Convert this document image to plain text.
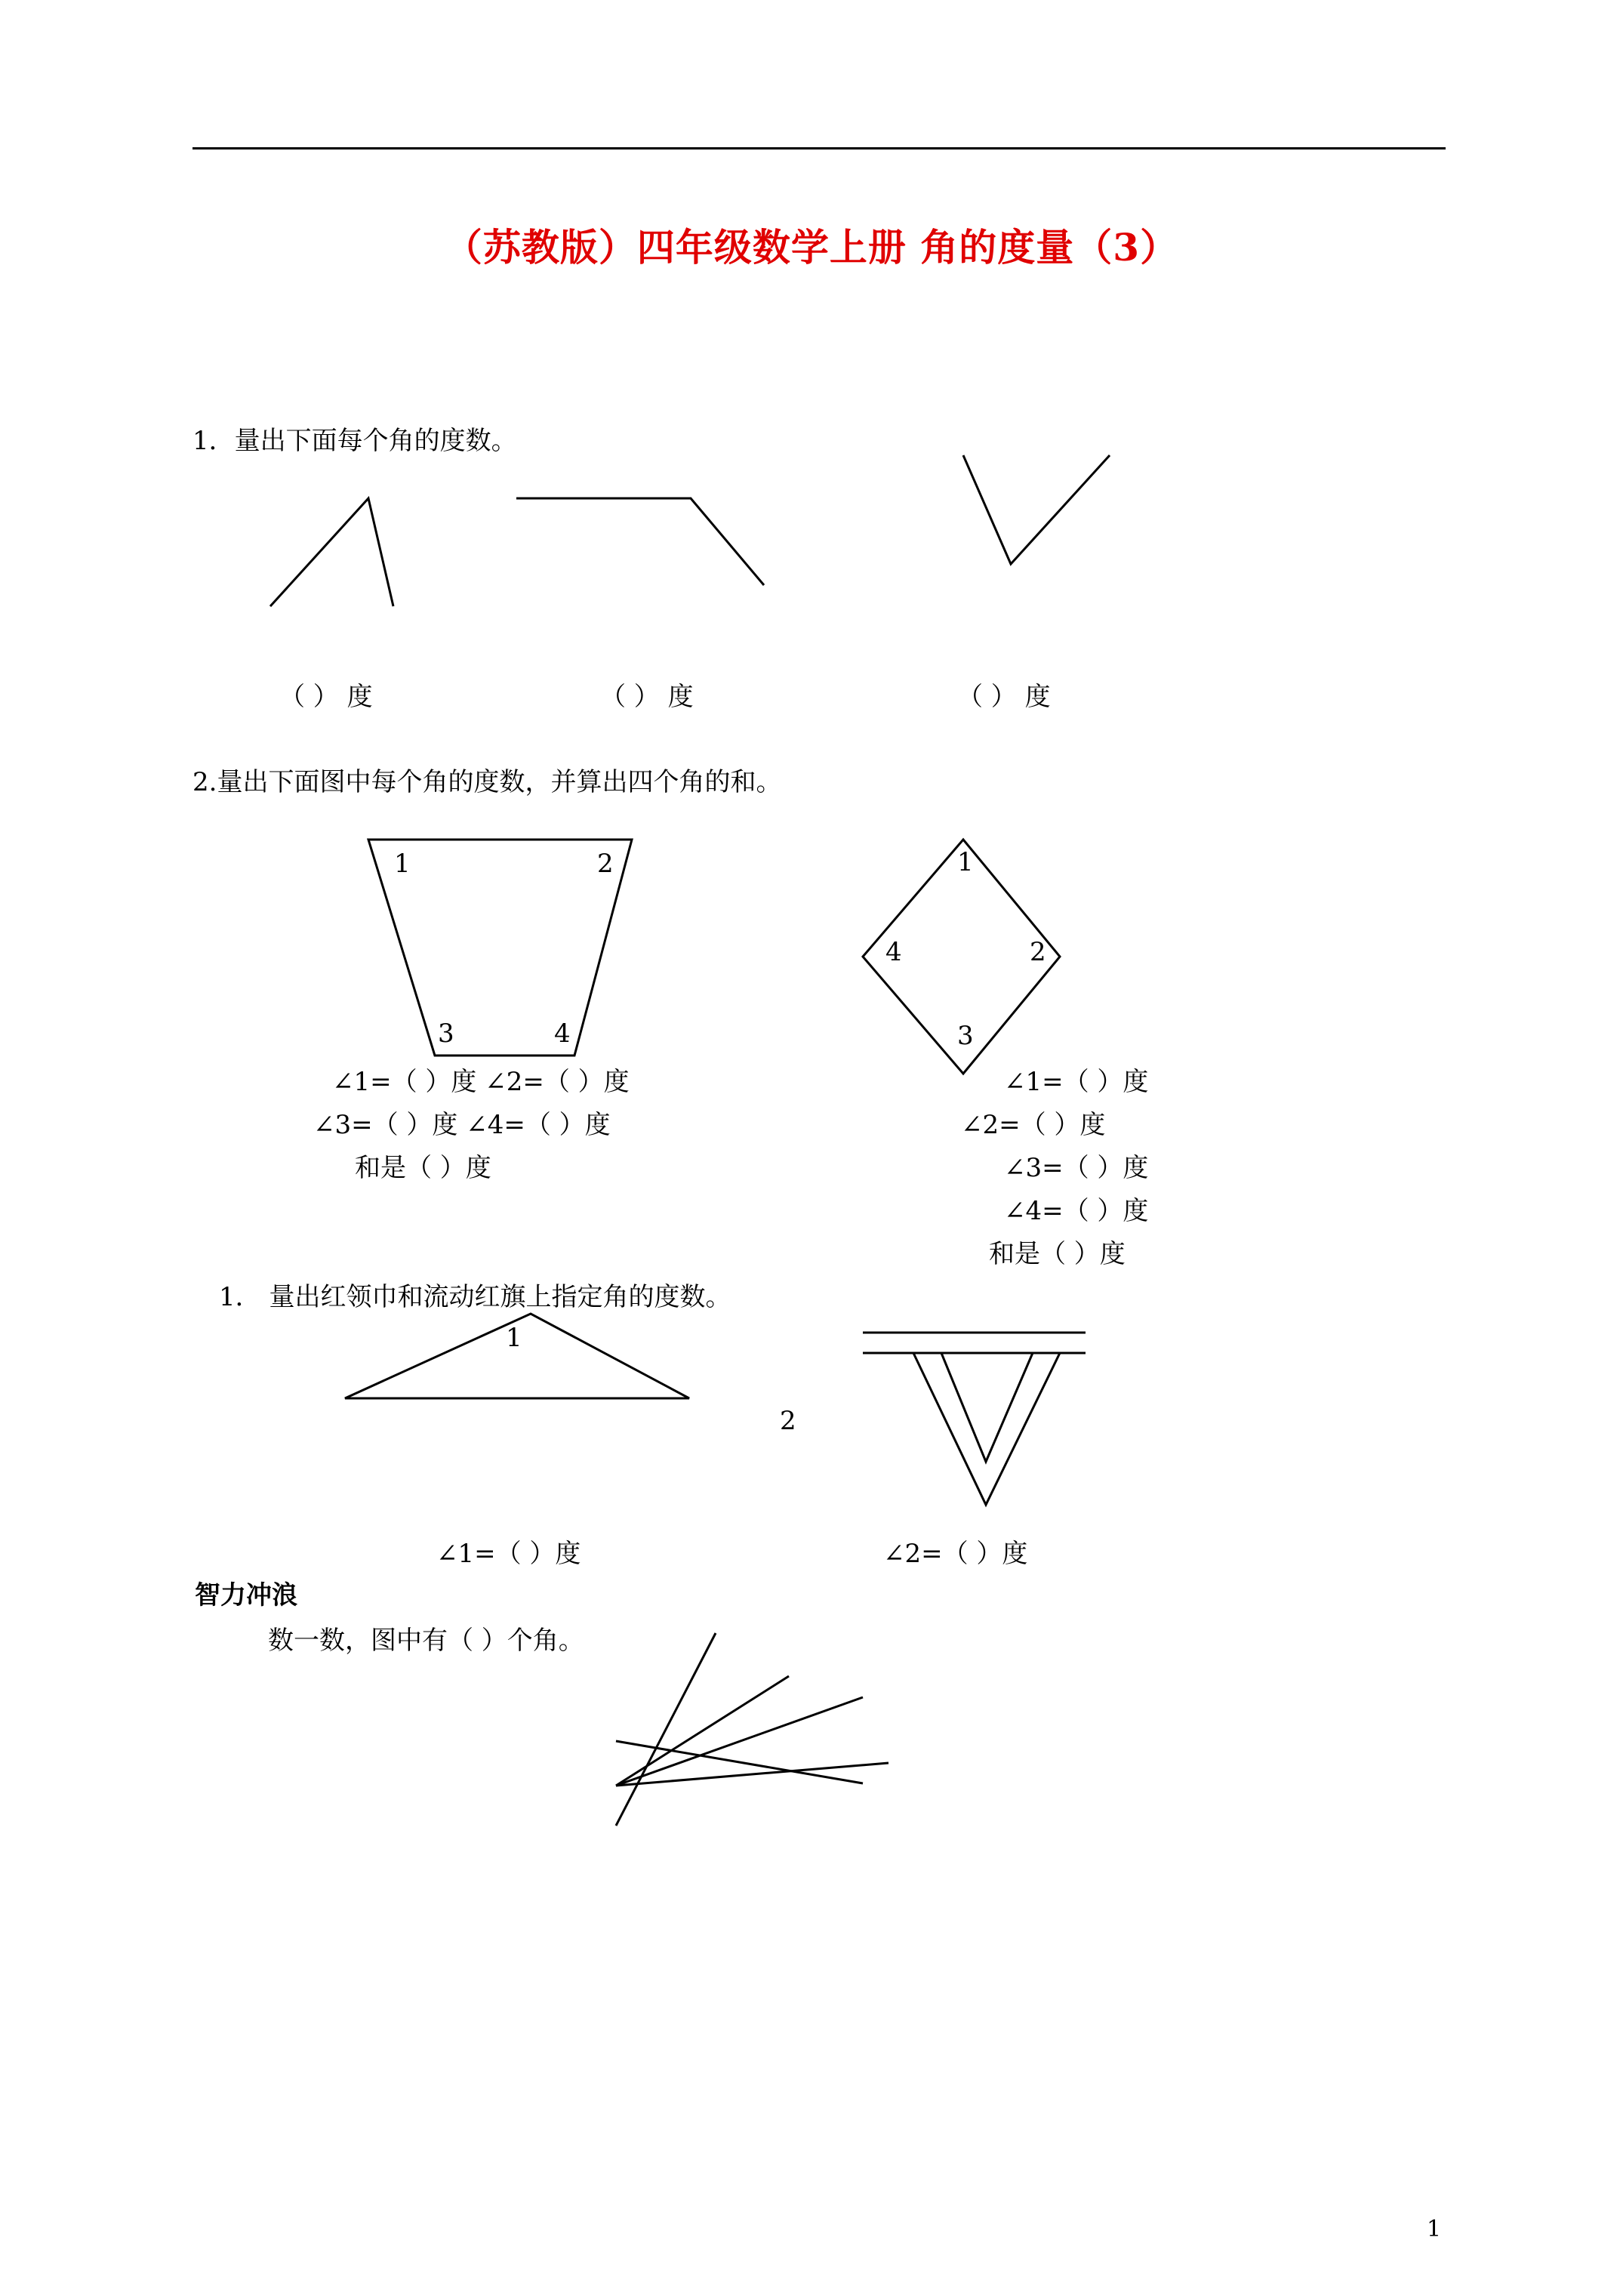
（苏教版）四年级数学上册 角的度量（3）
1．量出下面每个角的度数。
2.量出下面图中每个角的度数，并算出四个角的和。
1	2
3	4
1
2
3
4
1
2
（ ） 度	（ ） 度	（ ） 度
∠1=（ ）度 ∠2=（ ）度
∠3=（ ）度 ∠4=（ ）度
和是（ ）度
∠1=（ ）度
∠2=（ ）度
∠3=（ ）度
∠4=（ ）度
和是（ ）度
1． 量出红领巾和流动红旗上指定角的度数。
∠1=（ ）度	∠2=（ ）度
智力冲浪
数一数，图中有（ ）个角。
1
